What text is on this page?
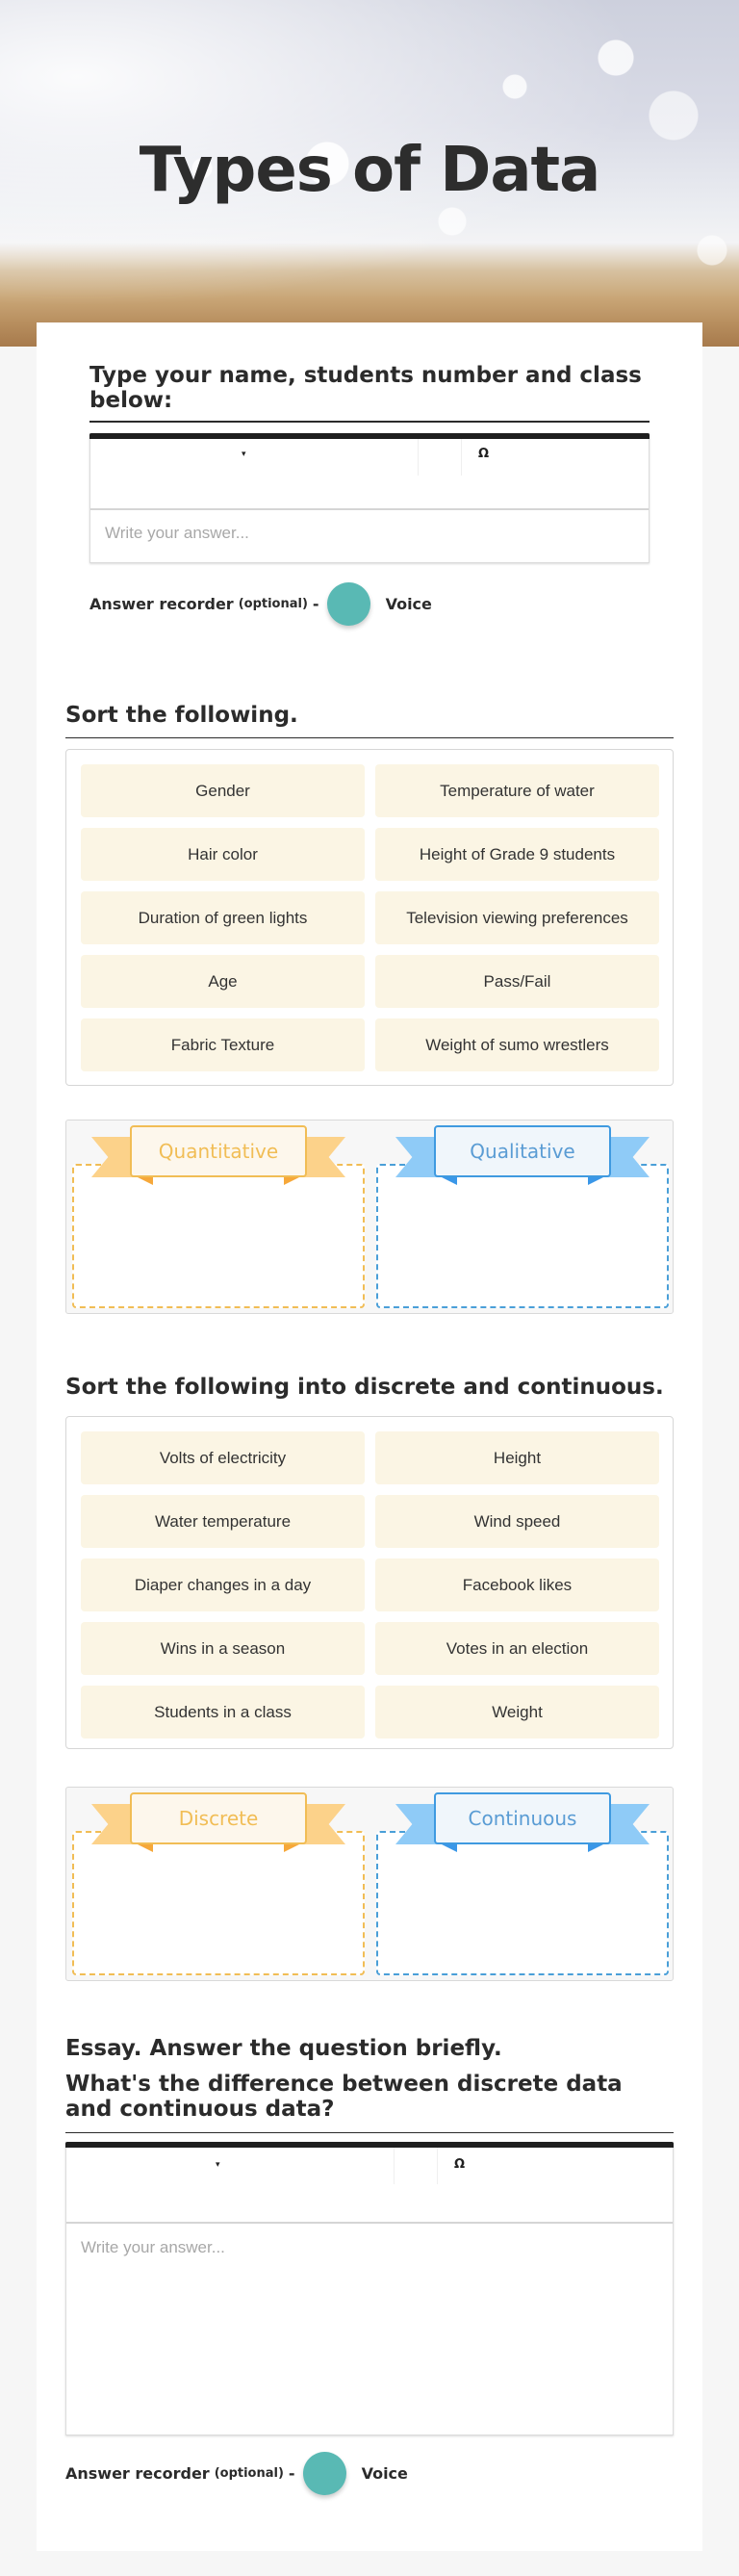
Types of Data
Type your name, students number and class below:
▾	Ω
Write your answer...
Answer recorder (optional) -	Voice
Sort the following.
Gender	Temperature of water
Hair color	Height of Grade 9 students
Duration of green lights	Television viewing preferences
Age	Pass/Fail
Fabric Texture	Weight of sumo wrestlers
Quantitative	Qualitative
Sort the following into discrete and continuous.
Volts of electricity	Height
Water temperature	Wind speed
Diaper changes in a day	Facebook likes
Wins in a season	Votes in an election
Students in a class	Weight
Discrete	Continuous
Essay. Answer the question briefly.
What's the difference between discrete data and continuous data?
▾	Ω
Write your answer...
Answer recorder (optional) -	Voice
